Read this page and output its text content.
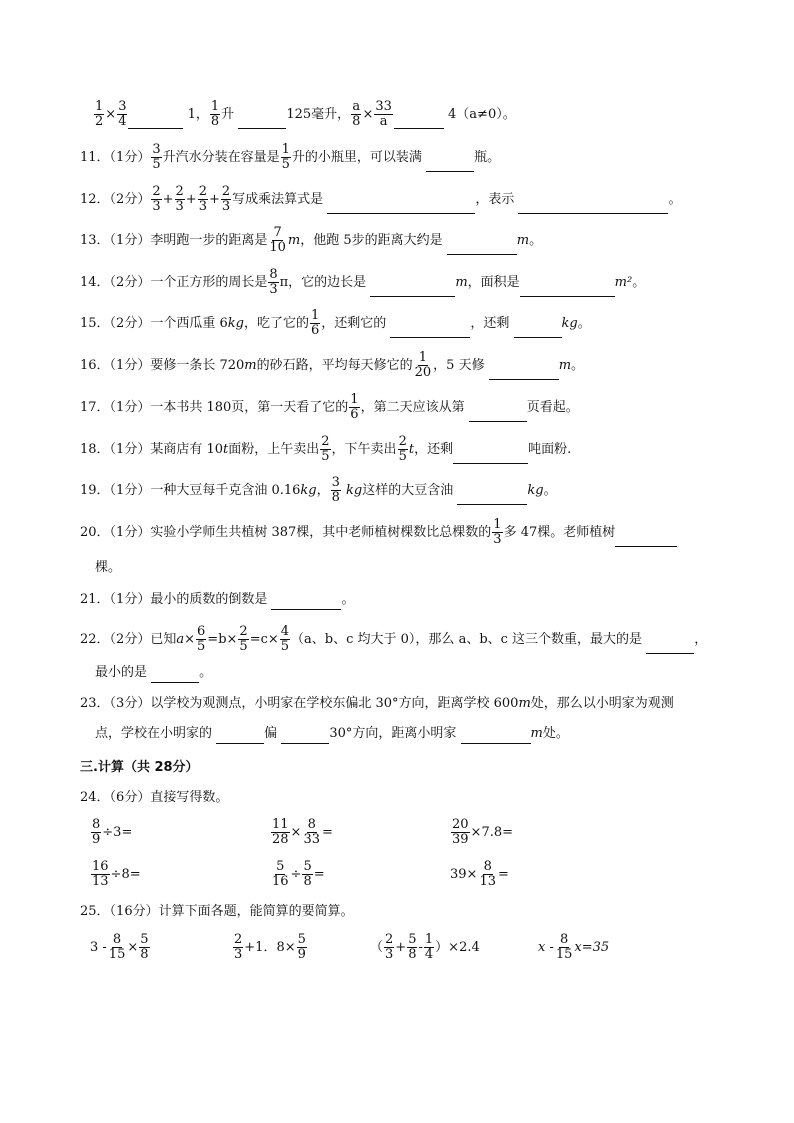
$\frac{1}{2} \times \frac{3}{4}$	1， $\frac{1}{8}$ 升	125毫升， $\frac{a}{8} \times \frac{33}{a}$	4（a≠0）。
11．（1分） $\frac{3}{5}$ 升汽水分装在容量是 $\frac{1}{5}$ 升的小瓶里，可以装满	瓶。
12．（2分） $\frac{2}{3} + \frac{2}{3} + \frac{2}{3} + \frac{2}{3}$ 写成乘法算式是	，表示	。
13．（1分）李明跑一步的距离是 $\frac{7}{10}$ m，他跑 5步的距离大约是	m。
14．（2分）一个正方形的周长是 $\frac{8}{3}$ π，它的边长是	m，面积是	m²。
15．（2分）一个西瓜重 6kg，吃了它的 $\frac{1}{6}$ ，还剩它的	，还剩	kg。
16．（1分）要修一条长 720m的砂石路，平均每天修它的 $\frac{1}{20}$ ，5 天修	m。
17．（1分）一本书共 180页，第一天看了它的 $\frac{1}{6}$ ，第二天应该从第	页看起。
18．（1分）某商店有 10t面粉，上午卖出 $\frac{2}{5}$ ，下午卖出 $\frac{2}{5}$ t，还剩	吨面粉.
19．（1分）一种大豆每千克含油 0.16kg， $\frac{3}{8}$ kg这样的大豆含油	kg。
20．（1分）实验小学师生共植树 387棵，其中老师植树棵数比总棵数的 $\frac{1}{3}$ 多 47棵。老师植树
棵。
21．（1分）最小的质数的倒数是	。
22．（2分）已知$a\times \frac{6}{5} =b\times \frac{2}{5} =c\times \frac{4}{5} (a$、b、c 均大于 0），那么 a、b、c 这三个数重，最大的是	，
最小的是	。
23．（3分）以学校为观测点，小明家在学校东偏北 30°方向，距离学校 600m处，那么以小明家为观测
点，学校在小明家的	偏	30°方向，距离小明家	m处。
三.计算（共 28分）
24．（6分）直接写得数。
$\frac{8}{9} \div 3=$	$\frac{11}{28} \times \frac{8}{33}$ =	$\frac{20}{39} \times 7.8=$
$\frac{16}{13} \div 8=$	$\frac{5}{16} \div \frac{5}{8}$ =	$39\times \frac{8}{13}$ =
25．（16分）计算下面各题，能简算的要简算。
$3 - \frac{8}{15} \times \frac{5}{8}$	$\frac{2}{3} +1$．$8\times \frac{5}{9}$	（ $\frac{2}{3} + \frac{5}{8} - \frac{1}{4} )\times 2.4$	$x - \frac{8}{15} x=35$
